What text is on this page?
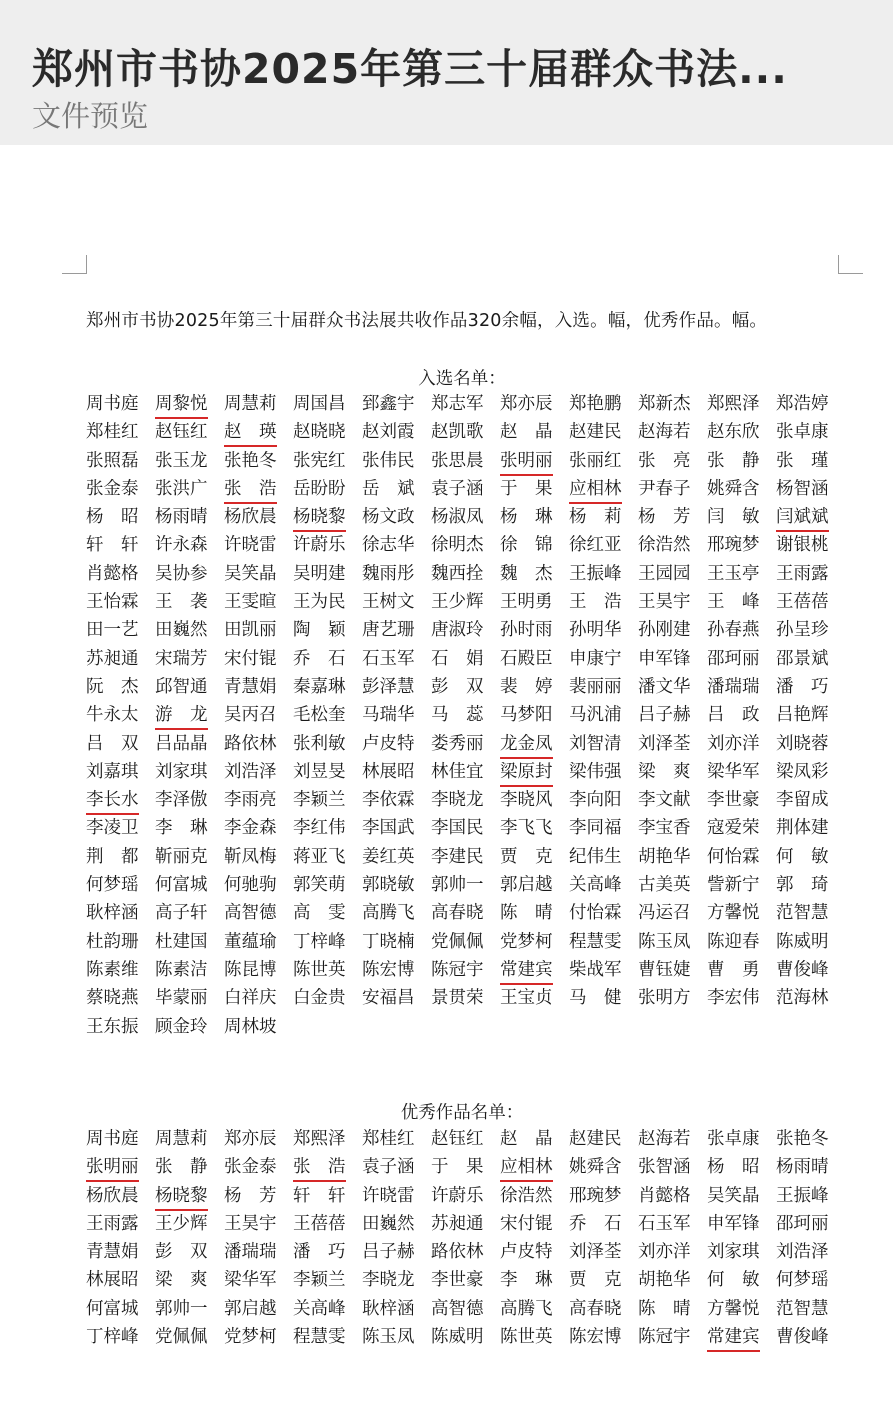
郑州市书协2025年第三十届群众书法...
文件预览
郑州市书协2025年第三十届群众书法展共收作品320余幅，入选。幅，优秀作品。幅。
入选名单：
周书庭 周黎悦 周慧莉 周国昌 郅鑫宇 郑志军 郑亦辰 郑艳鹏 郑新杰 郑熙泽 郑浩婷
郑桂红 赵钰红 赵　瑛 赵晓晓 赵刘霞 赵凯歌 赵　晶 赵建民 赵海若 赵东欣 张卓康
张照磊 张玉龙 张艳冬 张宪红 张伟民 张思晨 张明丽 张丽红 张　亮 张　静 张　瑾
张金泰 张洪广 张　浩 岳盼盼 岳　斌 袁子涵 于　果 应相林 尹春子 姚舜含 杨智涵
杨　昭 杨雨晴 杨欣晨 杨晓黎 杨文政 杨淑凤 杨　琳 杨　莉 杨　芳 闫　敏 闫斌斌
轩　轩 许永森 许晓雷 许蔚乐 徐志华 徐明杰 徐　锦 徐红亚 徐浩然 邢琬梦 谢银桃
肖懿格 吴协参 吴笑晶 吴明建 魏雨彤 魏西拴 魏　杰 王振峰 王园园 王玉亭 王雨露
王怡霖 王　袭 王雯暄 王为民 王树文 王少辉 王明勇 王　浩 王昊宇 王　峰 王蓓蓓
田一艺 田巍然 田凯丽 陶　颖 唐艺珊 唐淑玲 孙时雨 孙明华 孙刚建 孙春燕 孙呈珍
苏昶通 宋瑞芳 宋付锟 乔　石 石玉军 石　娟 石殿臣 申康宁 申军锋 邵珂丽 邵景斌
阮　杰 邱智通 青慧娟 秦嘉琳 彭泽慧 彭　双 裴　婷 裴丽丽 潘文华 潘瑞瑞 潘　巧
牛永太 游　龙 吴丙召 毛松奎 马瑞华 马　蕊 马梦阳 马汎浦 吕子赫 吕　政 吕艳辉
吕　双 吕品晶 路依林 张利敏 卢皮特 娄秀丽 龙金凤 刘智清 刘泽荃 刘亦洋 刘晓蓉
刘嘉琪 刘家琪 刘浩泽 刘昱旻 林展昭 林佳宜 梁原封 梁伟强 梁　爽 梁华军 梁凤彩
李长水 李泽傲 李雨亮 李颖兰 李依霖 李晓龙 李晓风 李向阳 李文献 李世豪 李留成
李凌卫 李　琳 李金森 李红伟 李国武 李国民 李飞飞 李同福 李宝香 寇爱荣 荆体建
荆　都 靳丽克 靳凤梅 蒋亚飞 姜红英 李建民 贾　克 纪伟生 胡艳华 何怡霖 何　敏
何梦瑶 何富城 何驰驹 郭笑萌 郭晓敏 郭帅一 郭启越 关高峰 古美英 訾新宁 郭　琦
耿梓涵 高子轩 高智德 高　雯 高腾飞 高春晓 陈　晴 付怡霖 冯运召 方馨悦 范智慧
杜韵珊 杜建国 董蕴瑜 丁梓峰 丁晓楠 党佩佩 党梦柯 程慧雯 陈玉凤 陈迎春 陈威明
陈素维 陈素洁 陈昆博 陈世英 陈宏博 陈冠宇 常建宾 柴战军 曹钰婕 曹　勇 曹俊峰
蔡晓燕 毕蒙丽 白祥庆 白金贵 安福昌 景贯荣 王宝贞 马　健 张明方 李宏伟 范海林
王东振 顾金玲 周林坡
优秀作品名单：
周书庭 周慧莉 郑亦辰 郑熙泽 郑桂红 赵钰红 赵　晶 赵建民 赵海若 张卓康 张艳冬
张明丽 张　静 张金泰 张　浩 袁子涵 于　果 应相林 姚舜含 张智涵 杨　昭 杨雨晴
杨欣晨 杨晓黎 杨　芳 轩　轩 许晓雷 许蔚乐 徐浩然 邢琬梦 肖懿格 吴笑晶 王振峰
王雨露 王少辉 王昊宇 王蓓蓓 田巍然 苏昶通 宋付锟 乔　石 石玉军 申军锋 邵珂丽
青慧娟 彭　双 潘瑞瑞 潘　巧 吕子赫 路依林 卢皮特 刘泽荃 刘亦洋 刘家琪 刘浩泽
林展昭 梁　爽 梁华军 李颖兰 李晓龙 李世豪 李　琳 贾　克 胡艳华 何　敏 何梦瑶
何富城 郭帅一 郭启越 关高峰 耿梓涵 高智德 高腾飞 高春晓 陈　晴 方馨悦 范智慧
丁梓峰 党佩佩 党梦柯 程慧雯 陈玉凤 陈威明 陈世英 陈宏博 陈冠宇 常建宾 曹俊峰
